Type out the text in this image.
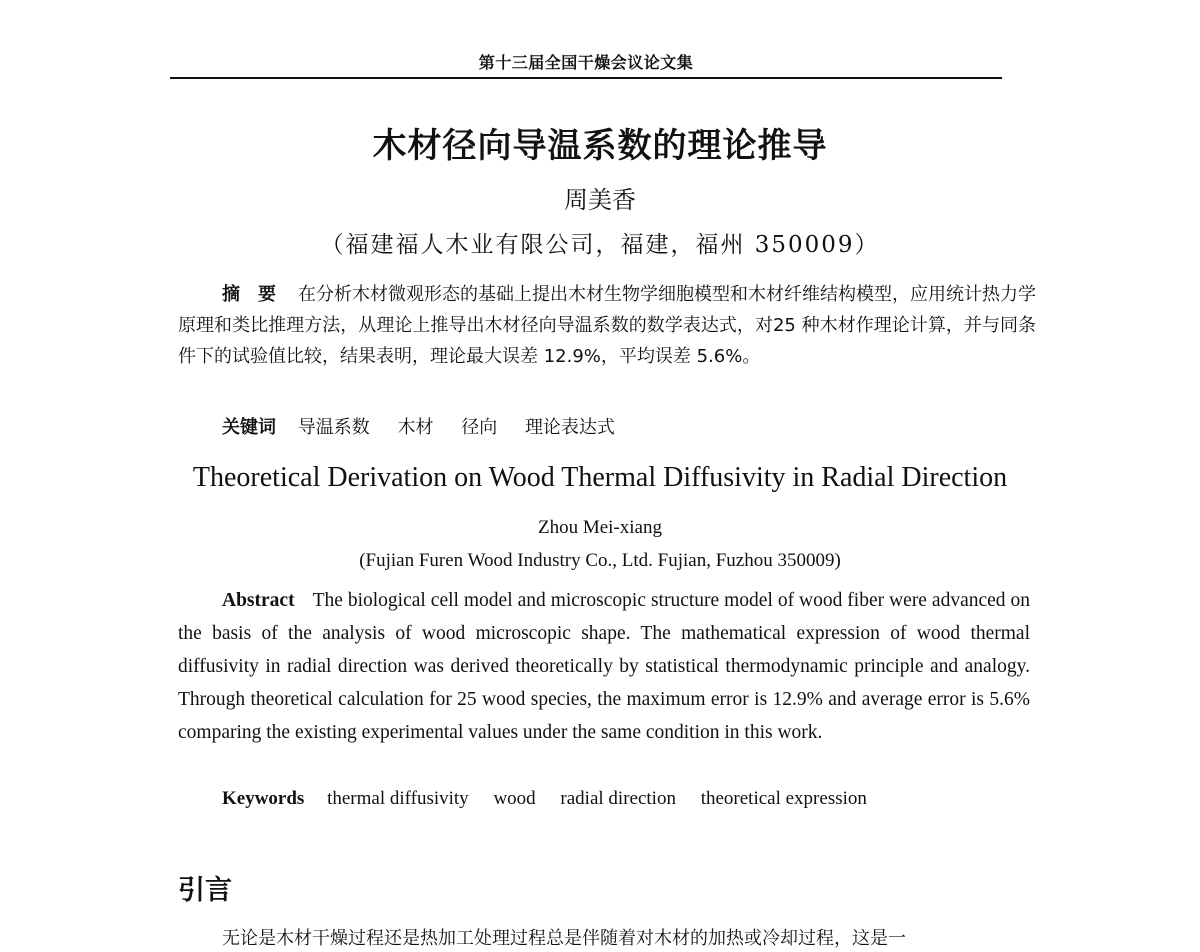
第十三届全国干燥会议论文集
木材径向导温系数的理论推导
周美香
（福建福人木业有限公司，福建，福州 350009）
摘　要 在分析木材微观形态的基础上提出木材生物学细胞模型和木材纤维结构模型，应用统计热力学原理和类比推理方法，从理论上推导出木材径向导温系数的数学表达式，对25 种木材作理论计算，并与同条件下的试验值比较，结果表明，理论最大误差 12.9%，平均误差 5.6%。
关键词 导温系数 木材 径向 理论表达式
Theoretical Derivation on Wood Thermal Diffusivity in Radial Direction
Zhou Mei-xiang
(Fujian Furen Wood Industry Co., Ltd. Fujian, Fuzhou 350009)
Abstract The biological cell model and microscopic structure model of wood fiber were advanced on the basis of the analysis of wood microscopic shape. The mathematical expression of wood thermal diffusivity in radial direction was derived theoretically by statistical thermodynamic principle and analogy. Through theoretical calculation for 25 wood species, the maximum error is 12.9% and average error is 5.6% comparing the existing experimental values under the same condition in this work.
Keywords thermal diffusivity wood radial direction theoretical expression
引言
无论是木材干燥过程还是热加工处理过程总是伴随着对木材的加热或冷却过程，这是一
